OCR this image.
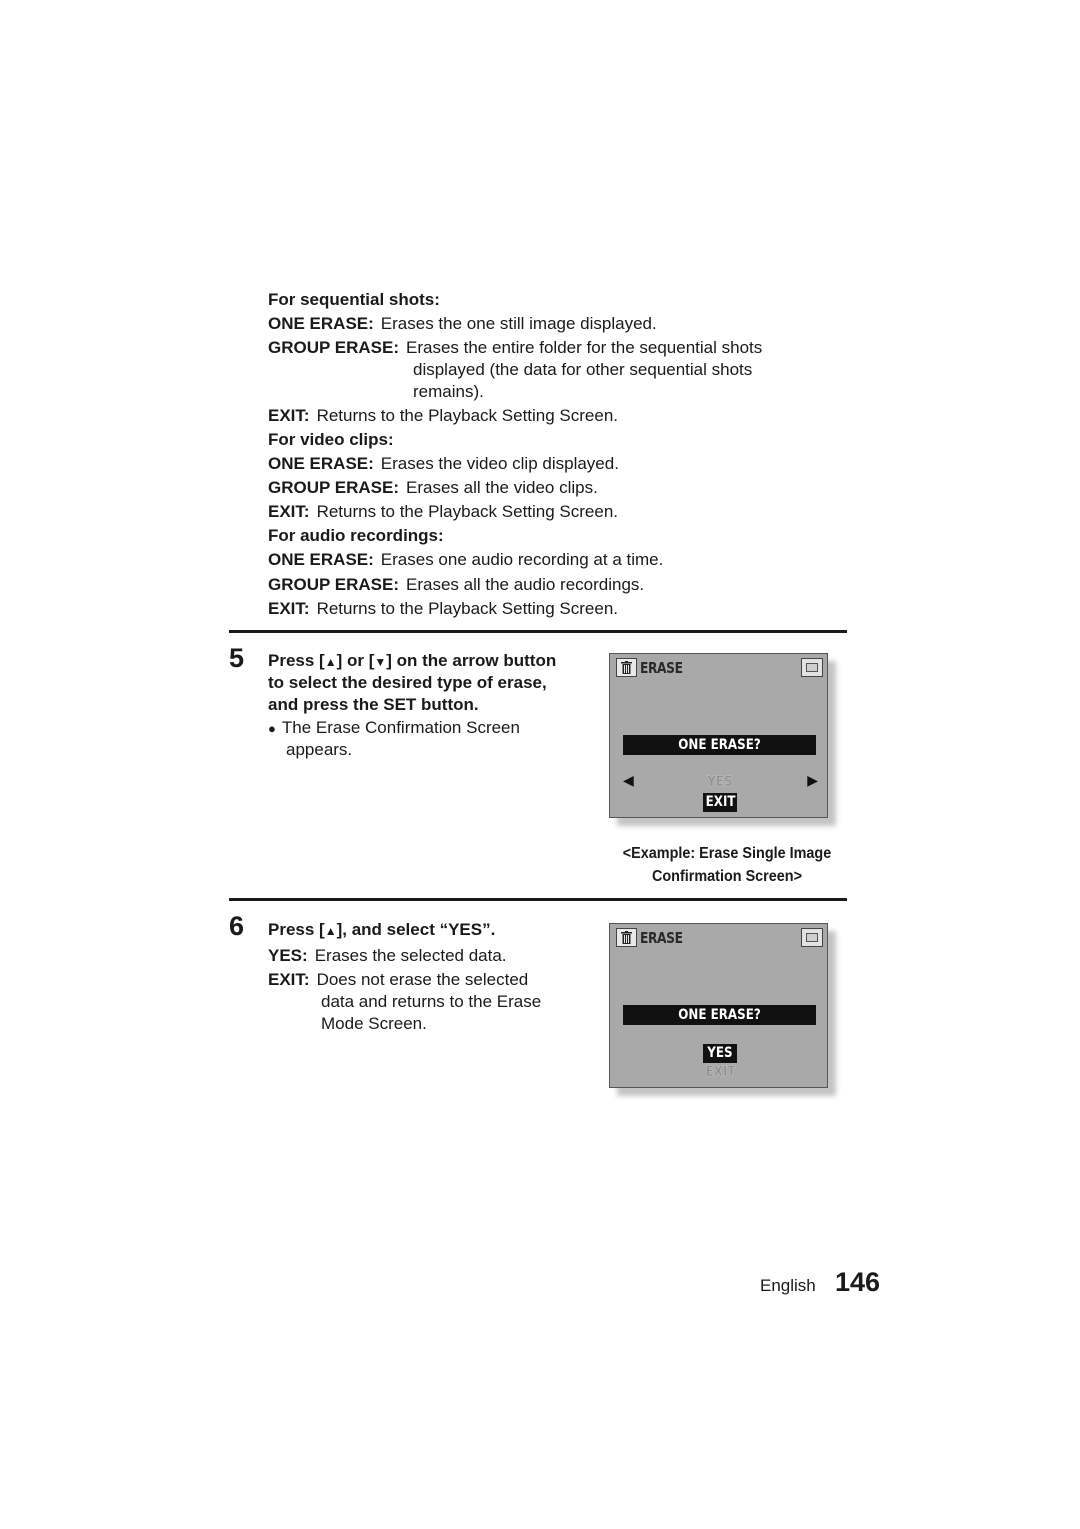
For sequential shots:
ONE ERASE: Erases the one still image displayed.
GROUP ERASE: Erases the entire folder for the sequential shots
displayed (the data for other sequential shots
remains).
EXIT: Returns to the Playback Setting Screen.
For video clips:
ONE ERASE: Erases the video clip displayed.
GROUP ERASE: Erases all the video clips.
EXIT: Returns to the Playback Setting Screen.
For audio recordings:
ONE ERASE: Erases one audio recording at a time.
GROUP ERASE: Erases all the audio recordings.
EXIT: Returns to the Playback Setting Screen.
5 Press [▲] or [▼] on the arrow button
to select the desired type of erase,
and press the SET button.
● The Erase Confirmation Screen
appears.
ERASE
ONE ERASE?
◀	▶
YES
EXIT
<Example: Erase Single Image
Confirmation Screen>
6 Press [▲], and select “YES”.
YES: Erases the selected data.
EXIT: Does not erase the selected
data and returns to the Erase
Mode Screen.
ERASE
ONE ERASE?
YES
EXIT
English 146
